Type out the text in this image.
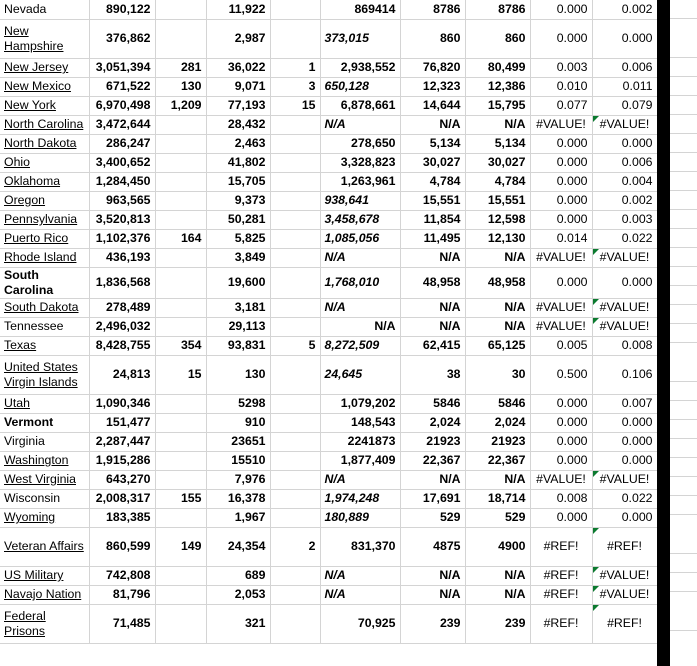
Nevada	890,122		11,922		869414	8786	8786	0.000	0.002
New Hampshire	376,862		2,987		373,015	860	860	0.000	0.000
New Jersey	3,051,394	281	36,022	1	2,938,552	76,820	80,499	0.003	0.006
New Mexico	671,522	130	9,071	3	650,128	12,323	12,386	0.010	0.011
New York	6,970,498	1,209	77,193	15	6,878,661	14,644	15,795	0.077	0.079
North Carolina	3,472,644		28,432		N/A	N/A	N/A	#VALUE!	#VALUE!
North Dakota	286,247		2,463		278,650	5,134	5,134	0.000	0.000
Ohio	3,400,652		41,802		3,328,823	30,027	30,027	0.000	0.006
Oklahoma	1,284,450		15,705		1,263,961	4,784	4,784	0.000	0.004
Oregon	963,565		9,373		938,641	15,551	15,551	0.000	0.002
Pennsylvania	3,520,813		50,281		3,458,678	11,854	12,598	0.000	0.003
Puerto Rico	1,102,376	164	5,825		1,085,056	11,495	12,130	0.014	0.022
Rhode Island	436,193		3,849		N/A	N/A	N/A	#VALUE!	#VALUE!
South Carolina	1,836,568		19,600		1,768,010	48,958	48,958	0.000	0.000
South Dakota	278,489		3,181		N/A	N/A	N/A	#VALUE!	#VALUE!
Tennessee	2,496,032		29,113		N/A	N/A	N/A	#VALUE!	#VALUE!
Texas	8,428,755	354	93,831	5	8,272,509	62,415	65,125	0.005	0.008
United States Virgin Islands	24,813	15	130		24,645	38	30	0.500	0.106
Utah	1,090,346		5298		1,079,202	5846	5846	0.000	0.007
Vermont	151,477		910		148,543	2,024	2,024	0.000	0.000
Virginia	2,287,447		23651		2241873	21923	21923	0.000	0.000
Washington	1,915,286		15510		1,877,409	22,367	22,367	0.000	0.000
West Virginia	643,270		7,976		N/A	N/A	N/A	#VALUE!	#VALUE!
Wisconsin	2,008,317	155	16,378		1,974,248	17,691	18,714	0.008	0.022
Wyoming	183,385		1,967		180,889	529	529	0.000	0.000
Veteran Affairs	860,599	149	24,354	2	831,370	4875	4900	#REF!	#REF!
US Military	742,808		689		N/A	N/A	N/A	#REF!	#VALUE!
Navajo Nation	81,796		2,053		N/A	N/A	N/A	#REF!	#VALUE!
Federal Prisons	71,485		321		70,925	239	239	#REF!	#REF!
